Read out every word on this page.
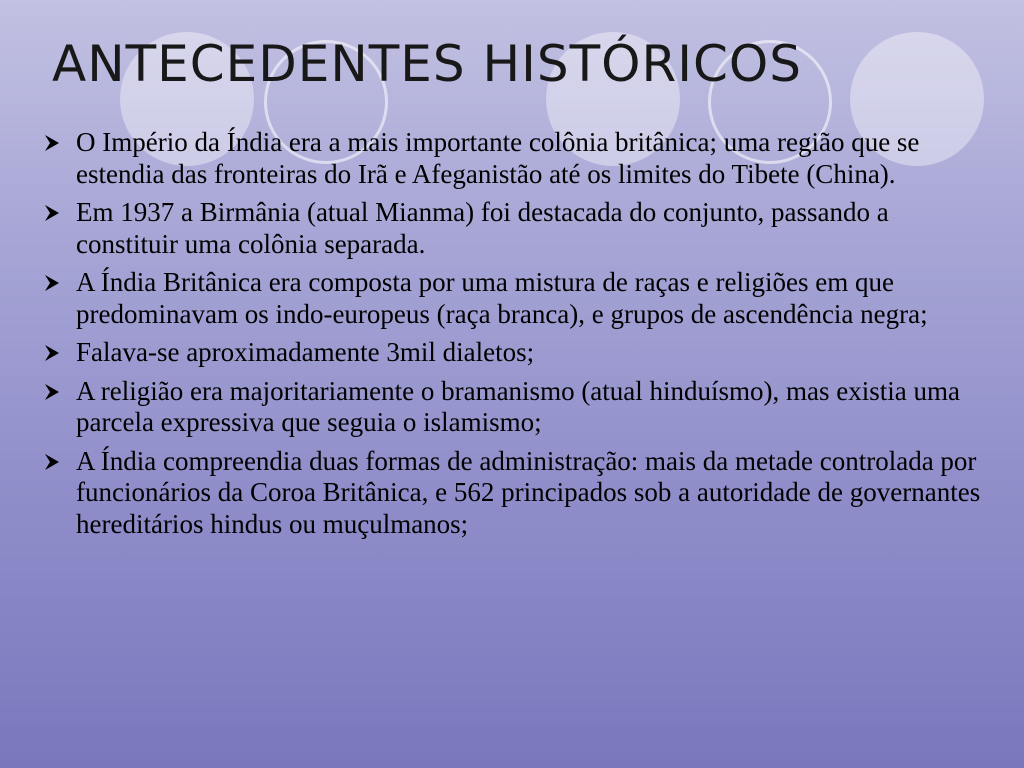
ANTECEDENTES HISTÓRICOS
O Império da Índia era a mais importante colônia britânica; uma região que se estendia das fronteiras do Irã e Afeganistão até os limites do Tibete (China).
Em 1937 a Birmânia (atual Mianma) foi destacada do conjunto, passando a constituir uma colônia separada.
A Índia Britânica era composta por uma mistura de raças e religiões em que predominavam os indo-europeus (raça branca), e grupos de ascendência negra;
Falava-se aproximadamente 3mil dialetos;
A religião era majoritariamente o bramanismo (atual hinduísmo), mas existia uma parcela expressiva que seguia o islamismo;
A Índia compreendia duas formas de administração: mais da metade controlada por funcionários da Coroa Britânica, e 562 principados sob a autoridade de governantes hereditários hindus ou muçulmanos;
